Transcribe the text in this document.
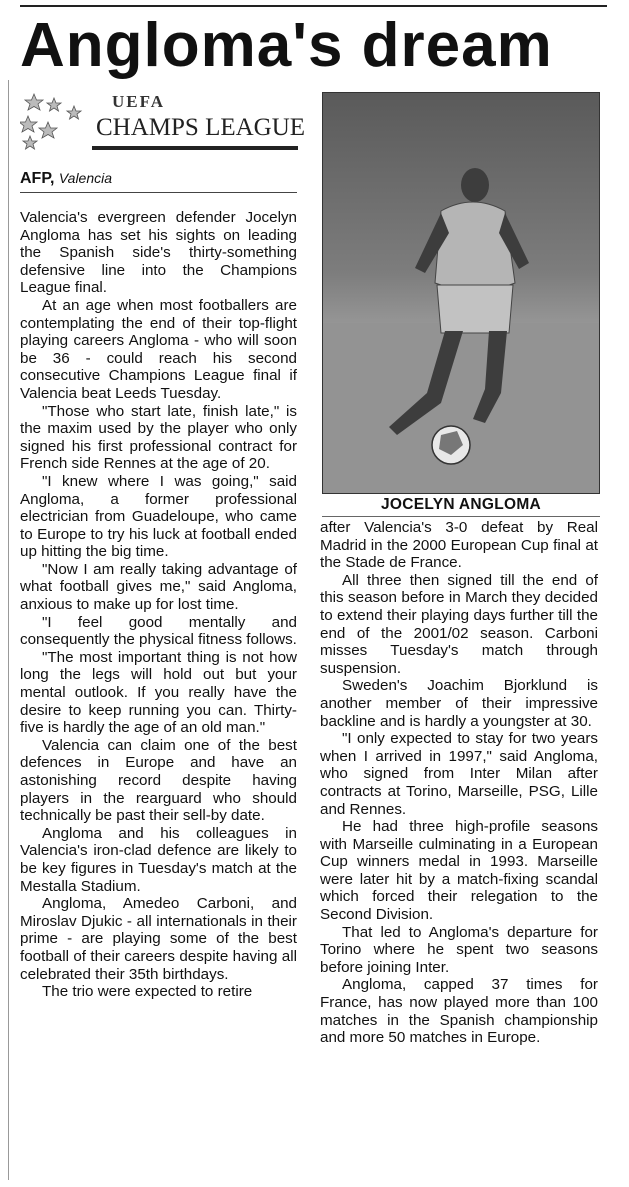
Angloma's dream
UEFA
CHAMPS LEAGUE
AFP, Valencia

Valencia's evergreen defender Jocelyn Angloma has set his sights on leading the Spanish side's thirty-something defensive line into the Champions League final.

At an age when most footballers are contemplating the end of their top-flight playing careers Angloma - who will soon be 36 - could reach his second consecutive Champions League final if Valencia beat Leeds Tuesday.

"Those who start late, finish late," is the maxim used by the player who only signed his first professional contract for French side Rennes at the age of 20.

"I knew where I was going," said Angloma, a former professional electrician from Guadeloupe, who came to Europe to try his luck at football ended up hitting the big time.

"Now I am really taking advantage of what football gives me," said Angloma, anxious to make up for lost time.

"I feel good mentally and consequently the physical fitness follows.

"The most important thing is not how long the legs will hold out but your mental outlook. If you really have the desire to keep running you can. Thirty-five is hardly the age of an old man."

Valencia can claim one of the best defences in Europe and have an astonishing record despite having players in the rearguard who should technically be past their sell-by date.

Angloma and his colleagues in Valencia's iron-clad defence are likely to be key figures in Tuesday's match at the Mestalla Stadium.

Angloma, Amedeo Carboni, and Miroslav Djukic - all internationals in their prime - are playing some of the best football of their careers despite having all celebrated their 35th birthdays.

The trio were expected to retire

JOCELYN ANGLOMA

after Valencia's 3-0 defeat by Real Madrid in the 2000 European Cup final at the Stade de France.

All three then signed till the end of this season before in March they decided to extend their playing days further till the end of the 2001/02 season. Carboni misses Tuesday's match through suspension.

Sweden's Joachim Bjorklund is another member of their impressive backline and is hardly a youngster at 30.

"I only expected to stay for two years when I arrived in 1997," said Angloma, who signed from Inter Milan after contracts at Torino, Marseille, PSG, Lille and Rennes.

He had three high-profile seasons with Marseille culminating in a European Cup winners medal in 1993. Marseille were later hit by a match-fixing scandal which forced their relegation to the Second Division.

That led to Angloma's departure for Torino where he spent two seasons before joining Inter.

Angloma, capped 37 times for France, has now played more than 100 matches in the Spanish championship and more 50 matches in Europe.
